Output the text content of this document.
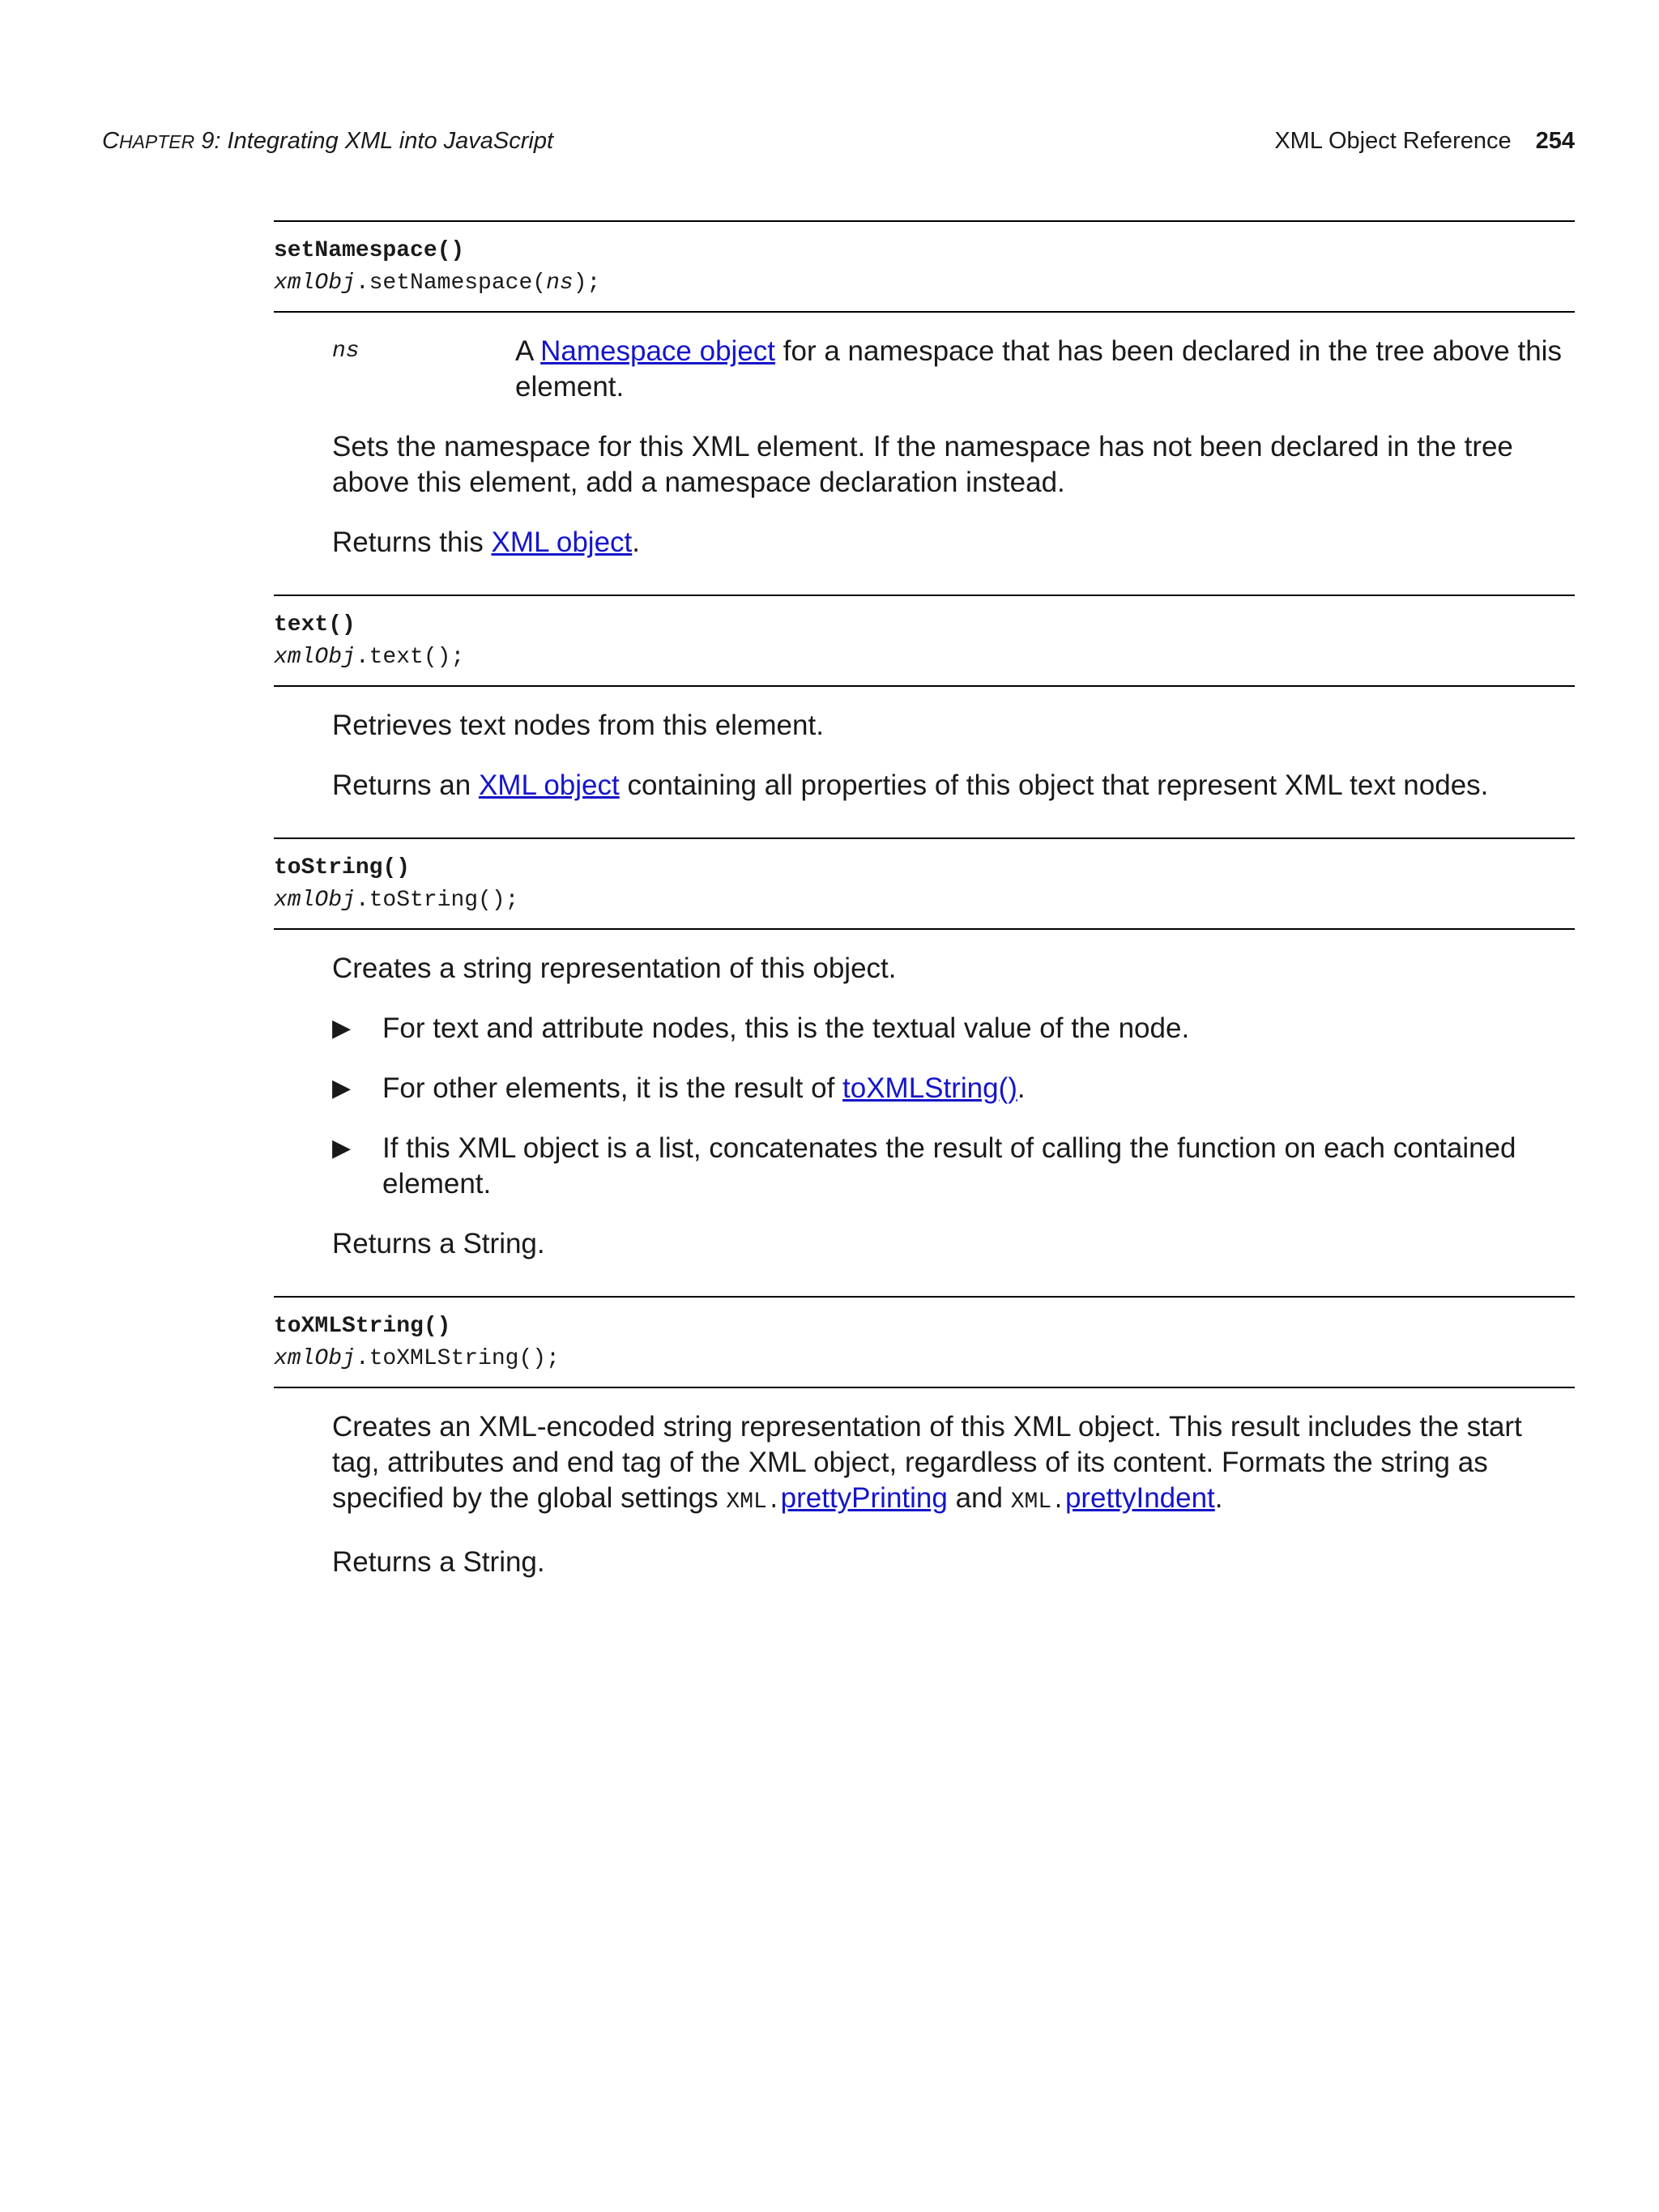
CHAPTER 9: Integrating XML into JavaScript	XML Object Reference 254
setNamespace()
xmlObj.setNamespace(ns);
ns	A Namespace object for a namespace that has been declared in the tree above this element.
Sets the namespace for this XML element. If the namespace has not been declared in the tree above this element, add a namespace declaration instead.
Returns this XML object.
text()
xmlObj.text();
Retrieves text nodes from this element.
Returns an XML object containing all properties of this object that represent XML text nodes.
toString()
xmlObj.toString();
Creates a string representation of this object.
▶	For text and attribute nodes, this is the textual value of the node.
▶	For other elements, it is the result of toXMLString().
▶	If this XML object is a list, concatenates the result of calling the function on each contained element.
Returns a String.
toXMLString()
xmlObj.toXMLString();
Creates an XML-encoded string representation of this XML object. This result includes the start tag, attributes and end tag of the XML object, regardless of its content. Formats the string as specified by the global settings XML.prettyPrinting and XML.prettyIndent.
Returns a String.
